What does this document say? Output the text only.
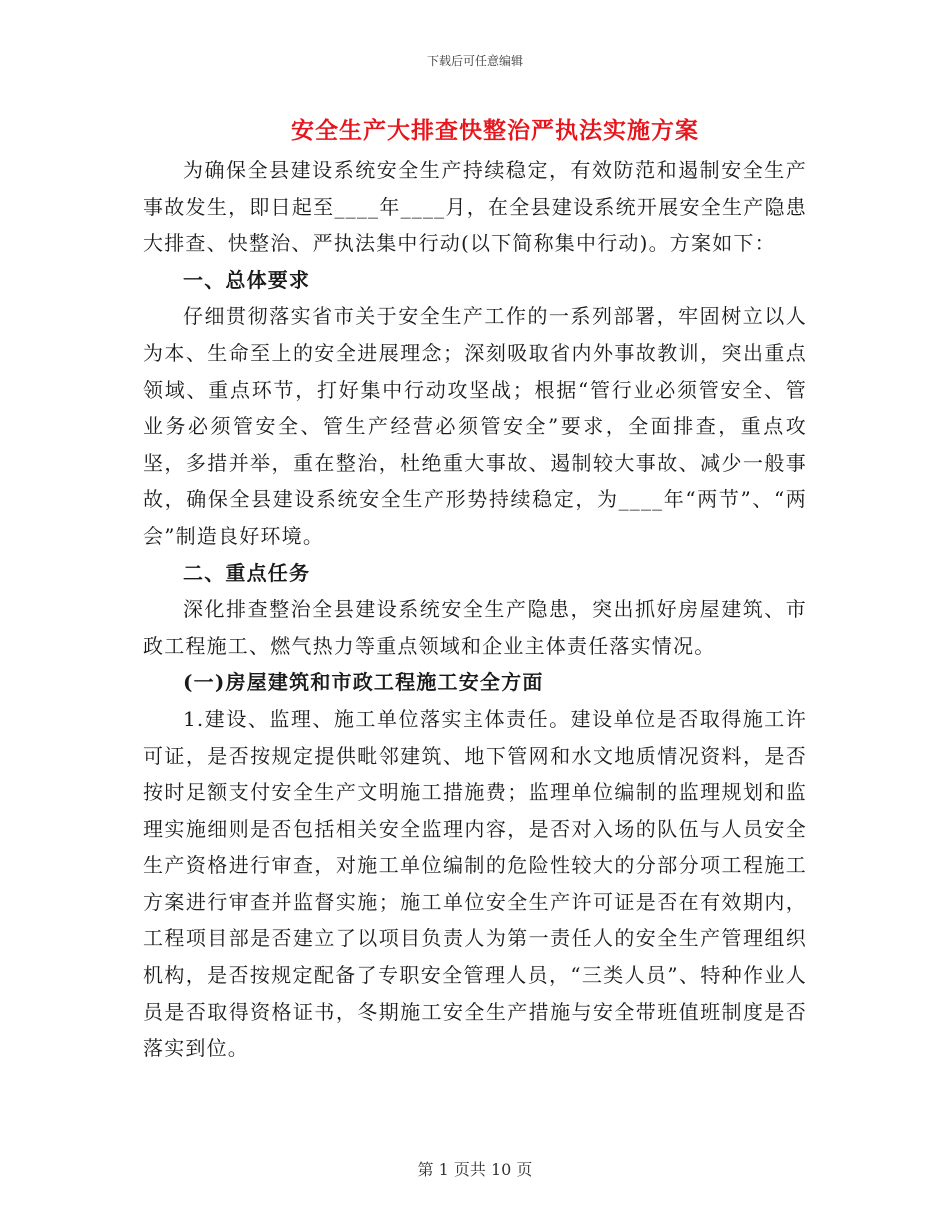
下载后可任意编辑
安全生产大排查快整治严执法实施方案

为确保全县建设系统安全生产持续稳定，有效防范和遏制安全生产事故发生，即日起至____年____月，在全县建设系统开展安全生产隐患大排查、快整治、严执法集中行动(以下简称集中行动)。方案如下：

一、总体要求

仔细贯彻落实省市关于安全生产工作的一系列部署，牢固树立以人为本、生命至上的安全进展理念；深刻吸取省内外事故教训，突出重点领域、重点环节，打好集中行动攻坚战；根据“管行业必须管安全、管业务必须管安全、管生产经营必须管安全”要求，全面排查，重点攻坚，多措并举，重在整治，杜绝重大事故、遏制较大事故、减少一般事故，确保全县建设系统安全生产形势持续稳定，为____年“两节”、“两会”制造良好环境。

二、重点任务

深化排查整治全县建设系统安全生产隐患，突出抓好房屋建筑、市政工程施工、燃气热力等重点领域和企业主体责任落实情况。

(一)房屋建筑和市政工程施工安全方面

1.建设、监理、施工单位落实主体责任。建设单位是否取得施工许可证，是否按规定提供毗邻建筑、地下管网和水文地质情况资料，是否按时足额支付安全生产文明施工措施费；监理单位编制的监理规划和监理实施细则是否包括相关安全监理内容，是否对入场的队伍与人员安全生产资格进行审查，对施工单位编制的危险性较大的分部分项工程施工方案进行审查并监督实施；施工单位安全生产许可证是否在有效期内，工程项目部是否建立了以项目负责人为第一责任人的安全生产管理组织机构，是否按规定配备了专职安全管理人员，“三类人员”、特种作业人员是否取得资格证书，冬期施工安全生产措施与安全带班值班制度是否落实到位。

第 1 页共 10 页
